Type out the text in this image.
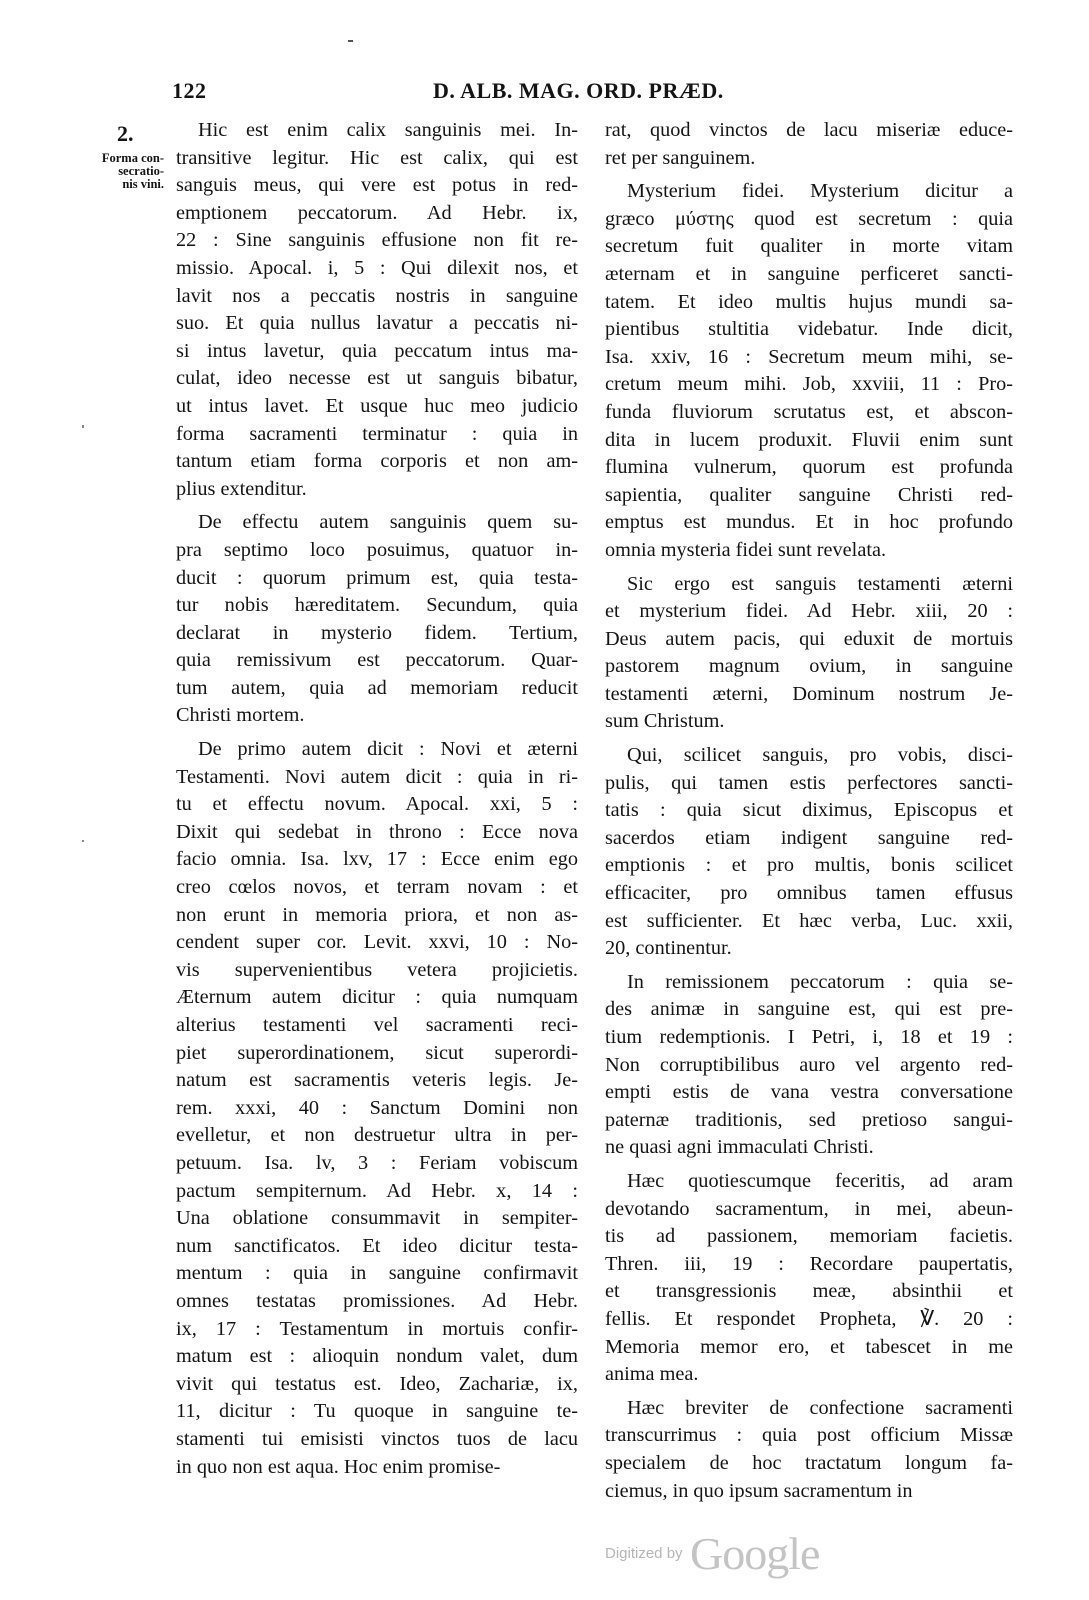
122	D. ALB. MAG. ORD. PRÆD.
2.
Forma con-
secratio-
nis vini.
Hic est enim calix sanguinis mei. In-
transitive legitur. Hic est calix, qui est
sanguis meus, qui vere est potus in red-
emptionem peccatorum. Ad Hebr. ix,
22 : Sine sanguinis effusione non fit re-
missio. Apocal. i, 5 : Qui dilexit nos, et
lavit nos a peccatis nostris in sanguine
suo. Et quia nullus lavatur a peccatis ni-
si intus lavetur, quia peccatum intus ma-
culat, ideo necesse est ut sanguis bibatur,
ut intus lavet. Et usque huc meo judicio
forma sacramenti terminatur : quia in
tantum etiam forma corporis et non am-
plius extenditur.
De effectu autem sanguinis quem su-
pra septimo loco posuimus, quatuor in-
ducit : quorum primum est, quia testa-
tur nobis hæreditatem. Secundum, quia
declarat in mysterio fidem. Tertium,
quia remissivum est peccatorum. Quar-
tum autem, quia ad memoriam reducit
Christi mortem.
De primo autem dicit : Novi et æterni
Testamenti. Novi autem dicit : quia in ri-
tu et effectu novum. Apocal. xxi, 5 :
Dixit qui sedebat in throno : Ecce nova
facio omnia. Isa. lxv, 17 : Ecce enim ego
creo cœlos novos, et terram novam : et
non erunt in memoria priora, et non as-
cendent super cor. Levit. xxvi, 10 : No-
vis supervenientibus vetera projicietis.
Æternum autem dicitur : quia numquam
alterius testamenti vel sacramenti reci-
piet superordinationem, sicut superordi-
natum est sacramentis veteris legis. Je-
rem. xxxi, 40 : Sanctum Domini non
evelletur, et non destruetur ultra in per-
petuum. Isa. lv, 3 : Feriam vobiscum
pactum sempiternum. Ad Hebr. x, 14 :
Una oblatione consummavit in sempiter-
num sanctificatos. Et ideo dicitur testa-
mentum : quia in sanguine confirmavit
omnes testatas promissiones. Ad Hebr.
ix, 17 : Testamentum in mortuis confir-
matum est : alioquin nondum valet, dum
vivit qui testatus est. Ideo, Zachariæ, ix,
11, dicitur : Tu quoque in sanguine te-
stamenti tui emisisti vinctos tuos de lacu
in quo non est aqua. Hoc enim promise-
rat, quod vinctos de lacu miseriæ educe-
ret per sanguinem.
Mysterium fidei. Mysterium dicitur a
græco μύστης quod est secretum : quia
secretum fuit qualiter in morte vitam
æternam et in sanguine perficeret sancti-
tatem. Et ideo multis hujus mundi sa-
pientibus stultitia videbatur. Inde dicit,
Isa. xxiv, 16 : Secretum meum mihi, se-
cretum meum mihi. Job, xxviii, 11 : Pro-
funda fluviorum scrutatus est, et abscon-
dita in lucem produxit. Fluvii enim sunt
flumina vulnerum, quorum est profunda
sapientia, qualiter sanguine Christi red-
emptus est mundus. Et in hoc profundo
omnia mysteria fidei sunt revelata.
Sic ergo est sanguis testamenti æterni
et mysterium fidei. Ad Hebr. xiii, 20 :
Deus autem pacis, qui eduxit de mortuis
pastorem magnum ovium, in sanguine
testamenti æterni, Dominum nostrum Je-
sum Christum.
Qui, scilicet sanguis, pro vobis, disci-
pulis, qui tamen estis perfectores sancti-
tatis : quia sicut diximus, Episcopus et
sacerdos etiam indigent sanguine red-
emptionis : et pro multis, bonis scilicet
efficaciter, pro omnibus tamen effusus
est sufficienter. Et hæc verba, Luc. xxii,
20, continentur.
In remissionem peccatorum : quia se-
des animæ in sanguine est, qui est pre-
tium redemptionis. I Petri, i, 18 et 19 :
Non corruptibilibus auro vel argento red-
empti estis de vana vestra conversatione
paternæ traditionis, sed pretioso sangui-
ne quasi agni immaculati Christi.
Hæc quotiescumque feceritis, ad aram
devotando sacramentum, in mei, abeun-
tis ad passionem, memoriam facietis.
Thren. iii, 19 : Recordare paupertatis,
et transgressionis meæ, absinthii et
fellis. Et respondet Propheta, ℣. 20 :
Memoria memor ero, et tabescet in me
anima mea.
Hæc breviter de confectione sacramenti
transcurrimus : quia post officium Missæ
specialem de hoc tractatum longum fa-
ciemus, in quo ipsum sacramentum in
Digitized by Google
